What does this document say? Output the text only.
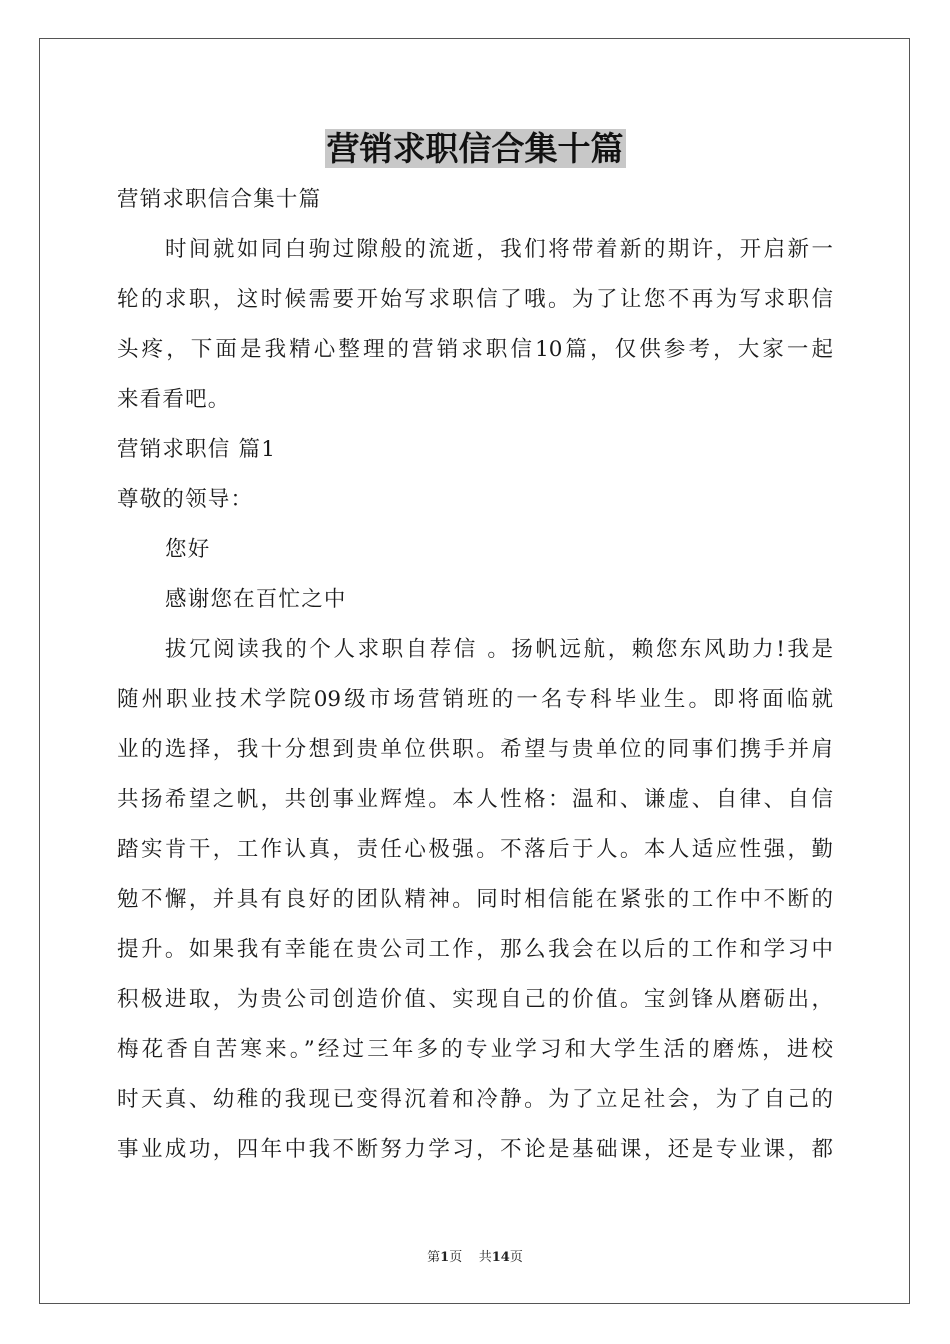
营销求职信合集十篇
营销求职信合集十篇
时间就如同白驹过隙般的流逝，我们将带着新的期许，开启新一
轮的求职，这时候需要开始写求职信了哦。为了让您不再为写求职信
头疼，下面是我精心整理的营销求职信10篇，仅供参考，大家一起
来看看吧。
营销求职信 篇1
尊敬的领导：
您好
感谢您在百忙之中
拔冗阅读我的个人求职自荐信 。扬帆远航，赖您东风助力!我是
随州职业技术学院09级市场营销班的一名专科毕业生。即将面临就
业的选择，我十分想到贵单位供职。希望与贵单位的同事们携手并肩
共扬希望之帆，共创事业辉煌。本人性格：温和、谦虚、自律、自信
踏实肯干，工作认真，责任心极强。不落后于人。本人适应性强，勤
勉不懈，并具有良好的团队精神。同时相信能在紧张的工作中不断的
提升。如果我有幸能在贵公司工作，那么我会在以后的工作和学习中
积极进取，为贵公司创造价值、实现自己的价值。宝剑锋从磨砺出，
梅花香自苦寒来。”经过三年多的专业学习和大学生活的磨炼，进校
时天真、幼稚的我现已变得沉着和冷静。为了立足社会，为了自己的
事业成功，四年中我不断努力学习，不论是基础课，还是专业课，都
第1页 共14页
